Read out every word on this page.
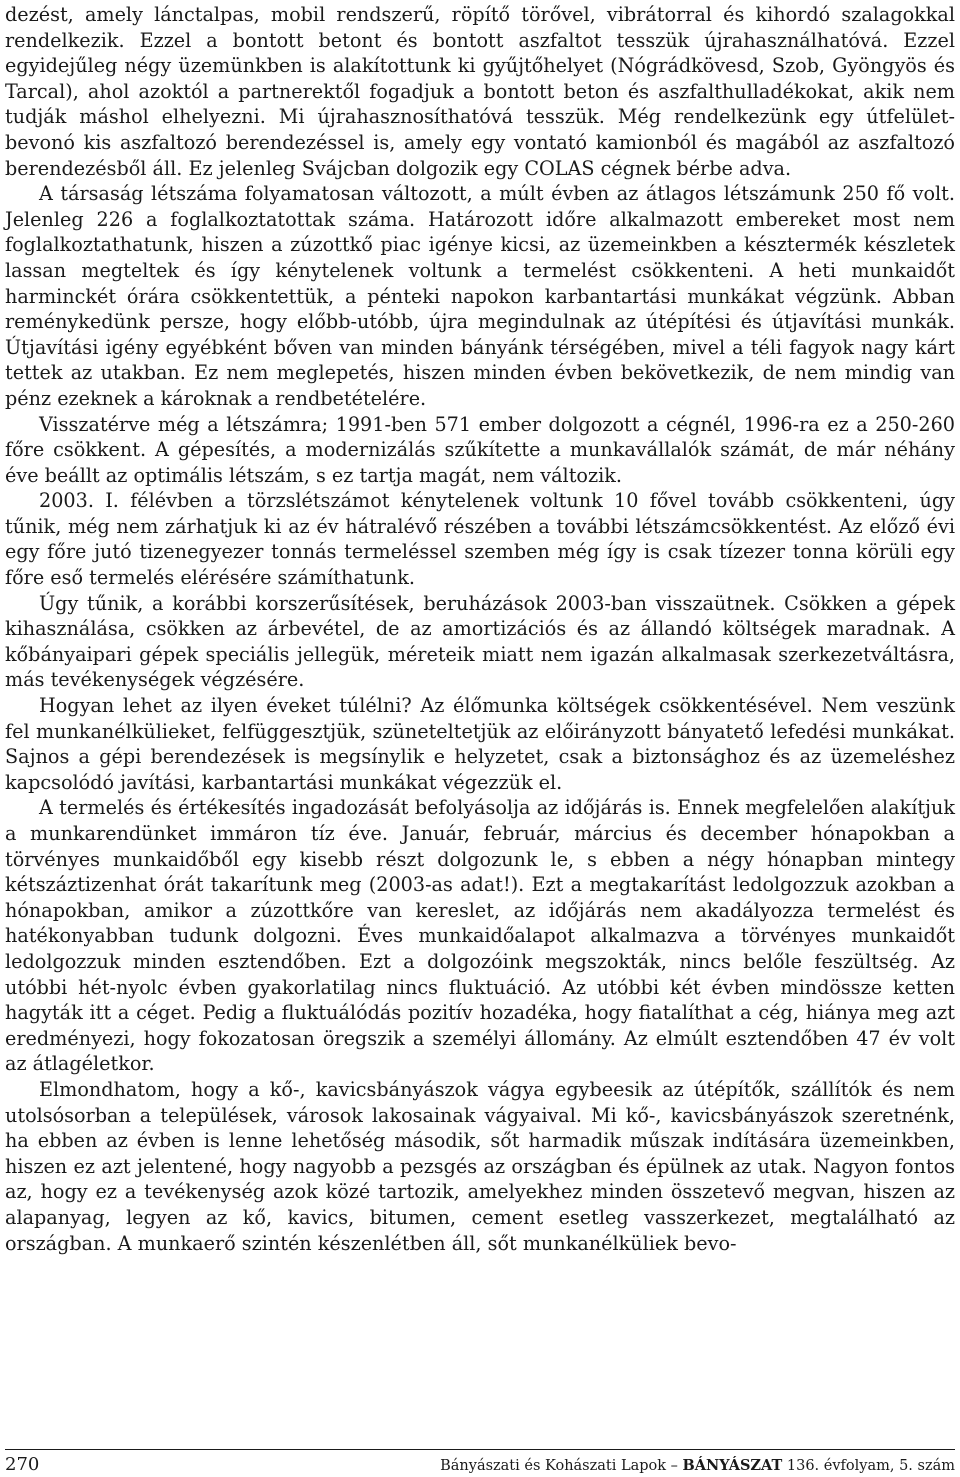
dezést, amely lánctalpas, mobil rendszerű, röpítő törővel, vibrátorral és kihordó szalagokkal rendelkezik. Ezzel a bontott betont és bontott aszfaltot tesszük újrahasználhatóvá. Ezzel egyidejűleg négy üzemünkben is alakítottunk ki gyűjtőhelyet (Nógrádkövesd, Szob, Gyöngyös és Tarcal), ahol azoktól a partnerektől fogadjuk a bontott beton és aszfalthulladékokat, akik nem tudják máshol elhelyezni. Mi újrahasznosíthatóvá tesszük. Még rendelkezünk egy útfelület-bevonó kis aszfaltozó berendezéssel is, amely egy vontató kamionból és magából az aszfaltozó berendezésből áll. Ez jelenleg Svájcban dolgozik egy COLAS cégnek bérbe adva.

A társaság létszáma folyamatosan változott, a múlt évben az átlagos létszámunk 250 fő volt. Jelenleg 226 a foglalkoztatottak száma. Határozott időre alkalmazott embereket most nem foglalkoztathatunk, hiszen a zúzottkő piac igénye kicsi, az üzemeinkben a késztermék készletek lassan megteltek és így kénytelenek voltunk a termelést csökkenteni. A heti munkaidőt harminckét órára csökkentettük, a pénteki napokon karbantartási munkákat végzünk. Abban reménykedünk persze, hogy előbb-utóbb, újra megindulnak az útépítési és útjavítási munkák. Útjavítási igény egyébként bőven van minden bányánk térségében, mivel a téli fagyok nagy kárt tettek az utakban. Ez nem meglepetés, hiszen minden évben bekövetkezik, de nem mindig van pénz ezeknek a károknak a rendbetételére.

Visszatérve még a létszámra; 1991-ben 571 ember dolgozott a cégnél, 1996-ra ez a 250-260 főre csökkent. A gépesítés, a modernizálás szűkítette a munkavállalók számát, de már néhány éve beállt az optimális létszám, s ez tartja magát, nem változik.

2003. I. félévben a törzslétszámot kénytelenek voltunk 10 fővel tovább csökkenteni, úgy tűnik, még nem zárhatjuk ki az év hátralévő részében a további létszámcsökkentést. Az előző évi egy főre jutó tizenegyezer tonnás termeléssel szemben még így is csak tízezer tonna körüli egy főre eső termelés elérésére számíthatunk.

Úgy tűnik, a korábbi korszerűsítések, beruházások 2003-ban visszaütnek. Csökken a gépek kihasználása, csökken az árbevétel, de az amortizációs és az állandó költségek maradnak. A kőbányaipari gépek speciális jellegük, méreteik miatt nem igazán alkalmasak szerkezetváltásra, más tevékenységek végzésére.

Hogyan lehet az ilyen éveket túlélni? Az élőmunka költségek csökkentésével. Nem veszünk fel munkanélkülieket, felfüggesztjük, szüneteltetjük az előirányzott bányatető lefedési munkákat. Sajnos a gépi berendezések is megsínylik e helyzetet, csak a biztonsághoz és az üzemeléshez kapcsolódó javítási, karbantartási munkákat végezzük el.

A termelés és értékesítés ingadozását befolyásolja az időjárás is. Ennek megfelelően alakítjuk a munkarendünket immáron tíz éve. Január, február, március és december hónapokban a törvényes munkaidőből egy kisebb részt dolgozunk le, s ebben a négy hónapban mintegy kétszáztizenhat órát takarítunk meg (2003-as adat!). Ezt a megtakarítást ledolgozzuk azokban a hónapokban, amikor a zúzottkőre van kereslet, az időjárás nem akadályozza termelést és hatékonyabban tudunk dolgozni. Éves munkaidőalapot alkalmazva a törvényes munkaidőt ledolgozzuk minden esztendőben. Ezt a dolgozóink megszokták, nincs belőle feszültség. Az utóbbi hét-nyolc évben gyakorlatilag nincs fluktuáció. Az utóbbi két évben mindössze ketten hagyták itt a céget. Pedig a fluktuálódás pozitív hozadéka, hogy fiatalíthat a cég, hiánya meg azt eredményezi, hogy fokozatosan öregszik a személyi állomány. Az elmúlt esztendőben 47 év volt az átlagéletkor.

Elmondhatom, hogy a kő-, kavicsbányászok vágya egybeesik az útépítők, szállítók és nem utolsósorban a települések, városok lakosainak vágyaival. Mi kő-, kavicsbányászok szeretnénk, ha ebben az évben is lenne lehetőség második, sőt harmadik műszak indítására üzemeinkben, hiszen ez azt jelentené, hogy nagyobb a pezsgés az országban és épülnek az utak. Nagyon fontos az, hogy ez a tevékenység azok közé tartozik, amelyekhez minden összetevő megvan, hiszen az alapanyag, legyen az kő, kavics, bitumen, cement esetleg vasszerkezet, megtalálható az országban. A munkaerő szintén készenlétben áll, sőt munkanélküliek bevo-

270	Bányászati és Kohászati Lapok – BÁNYÁSZAT 136. évfolyam, 5. szám
